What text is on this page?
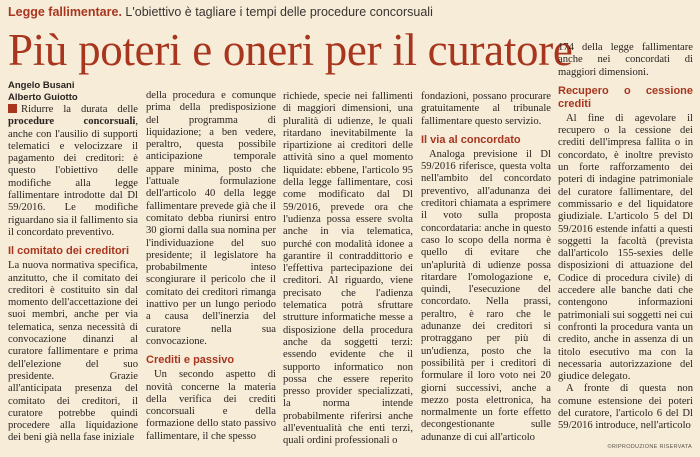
Legge fallimentare. L'obiettivo è tagliare i tempi delle procedure concorsuali
Più poteri e oneri per il curatore
Angelo Busani
Alberto Guiotto

Ridurre la durata delle procedure concorsuali, anche con l'ausilio di supporti telematici e velocizzare il pagamento dei creditori: è questo l'obiettivo delle modifiche alla legge fallimentare introdotte dal Dl 59/2016. Le modifiche riguardano sia il fallimento sia il concordato preventivo.

Il comitato dei creditori

La nuova normativa specifica, anzitutto, che il comitato dei creditori è costituito sin dal momento dell'accettazione dei suoi membri, anche per via telematica, senza necessità di convocazione dinanzi al curatore fallimentare e prima dell'elezione del suo presidente. Grazie all'anticipata presenza del comitato dei creditori, il curatore potrebbe quindi procedere alla liquidazione dei beni già nella fase iniziale

della procedura e comunque prima della predisposizione del programma di liquidazione; a ben vedere, peraltro, questa possibile anticipazione temporale appare minima, posto che l'attuale formulazione dell'articolo 40 della legge fallimentare prevede già che il comitato debba riunirsi entro 30 giorni dalla sua nomina per l'individuazione del suo presidente; il legislatore ha probabilmente inteso scongiurare il pericolo che il comitato dei creditori rimanga inattivo per un lungo periodo a causa dell'inerzia del curatore nella sua convocazione.

Crediti e passivo

Un secondo aspetto di novità concerne la materia della verifica dei crediti concorsuali e della formazione dello stato passivo fallimentare, il che spesso

richiede, specie nei fallimenti di maggiori dimensioni, una pluralità di udienze, le quali ritardano inevitabilmente la ripartizione ai creditori delle attività sino a quel momento liquidate: ebbene, l'articolo 95 della legge fallimentare, così come modificato dal Dl 59/2016, prevede ora che l'udienza possa essere svolta anche in via telematica, purché con modalità idonee a garantire il contraddittorio e l'effettiva partecipazione dei creditori. Al riguardo, viene precisato che l'adienza telematica potrà sfruttare strutture informatiche messe a disposizione della procedura anche da soggetti terzi: essendo evidente che il supporto informatico non possa che essere reperito presso provider specializzati, la norma intende probabilmente riferirsi anche all'eventualità che enti terzi, quali ordini professionali o

fondazioni, possano procurare gratuitamente al tribunale fallimentare questo servizio.

Il via al concordato

Analoga previsione il Dl 59/2016 riferisce, questa volta nell'ambito del concordato preventivo, all'adunanza dei creditori chiamata a esprimere il voto sulla proposta concordataria: anche in questo caso lo scopo della norma è quello di evitare che un'aplurità di udienze possa ritardare l'omologazione e, quindi, l'esecuzione del concordato. Nella prassi, peraltro, è raro che le adunanze dei creditori si protraggano per più di un'udienza, posto che la possibilità per i creditori di formulare il loro voto nei 20 giorni successivi, anche a mezzo posta elettronica, ha normalmente un forte effetto decongestionante sulle adunanze di cui all'articolo

174 della legge fallimentare anche nei concordati di maggiori dimensioni.

Recupero o cessione crediti

Al fine di agevolare il recupero o la cessione dei crediti dell'impresa fallita o in concordato, è inoltre previsto un forte rafforzamento dei poteri di indagine patrimoniale del curatore fallimentare, del commissario e del liquidatore giudiziale. L'articolo 5 del Dl 59/2016 estende infatti a questi soggetti la facoltà (prevista dall'articolo 155-sexies delle disposizioni di attuazione del Codice di procedura civile) di accedere alle banche dati che contengono informazioni patrimoniali sui soggetti nei cui confronti la procedura vanta un credito, anche in assenza di un titolo esecutivo ma con la necessaria autorizzazione del giudice delegato.

A fronte di questa non comune estensione dei poteri del curatore, l'articolo 6 del Dl 59/2016 introduce, nell'articolo

©RIPRODUZIONE RISERVATA
